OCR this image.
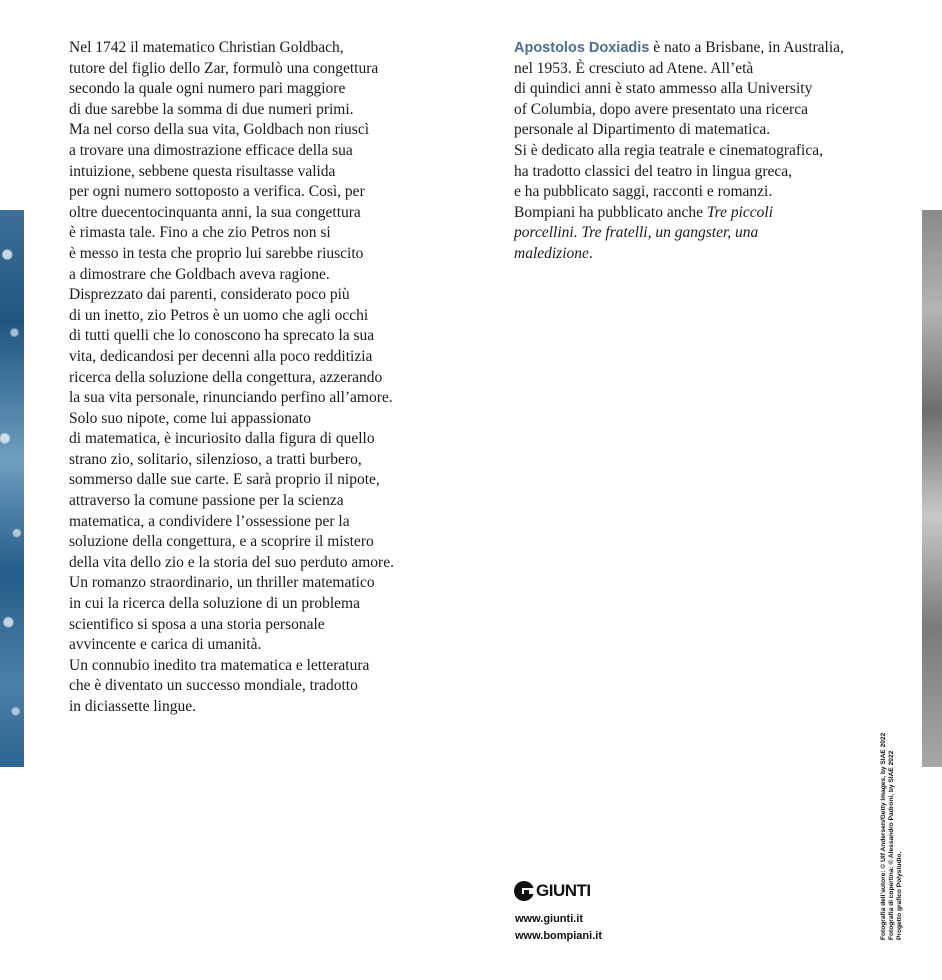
Nel 1742 il matematico Christian Goldbach,
tutore del figlio dello Zar, formulò una congettura
secondo la quale ogni numero pari maggiore
di due sarebbe la somma di due numeri primi.
Ma nel corso della sua vita, Goldbach non riuscì
a trovare una dimostrazione efficace della sua
intuizione, sebbene questa risultasse valida
per ogni numero sottoposto a verifica. Così, per
oltre duecentocinquanta anni, la sua congettura
è rimasta tale. Fino a che zio Petros non si
è messo in testa che proprio lui sarebbe riuscito
a dimostrare che Goldbach aveva ragione.
Disprezzato dai parenti, considerato poco più
di un inetto, zio Petros è un uomo che agli occhi
di tutti quelli che lo conoscono ha sprecato la sua
vita, dedicandosi per decenni alla poco redditizia
ricerca della soluzione della congettura, azzerando
la sua vita personale, rinunciando perfino all’amore.
Solo suo nipote, come lui appassionato
di matematica, è incuriosito dalla figura di quello
strano zio, solitario, silenzioso, a tratti burbero,
sommerso dalle sue carte. E sarà proprio il nipote,
attraverso la comune passione per la scienza
matematica, a condividere l’ossessione per la
soluzione della congettura, e a scoprire il mistero
della vita dello zio e la storia del suo perduto amore.
Un romanzo straordinario, un thriller matematico
in cui la ricerca della soluzione di un problema
scientifico si sposa a una storia personale
avvincente e carica di umanità.
Un connubio inedito tra matematica e letteratura
che è diventato un successo mondiale, tradotto
in diciassette lingue.
Apostolos Doxiadis è nato a Brisbane, in Australia,
nel 1953. È cresciuto ad Atene. All’età
di quindici anni è stato ammesso alla University
of Columbia, dopo avere presentato una ricerca
personale al Dipartimento di matematica.
Si è dedicato alla regia teatrale e cinematografica,
ha tradotto classici del teatro in lingua greca,
e ha pubblicato saggi, racconti e romanzi.
Bompiani ha pubblicato anche Tre piccoli
porcellini. Tre fratelli, un gangster, una
maledizione.
GIUNTI
www.giunti.it
www.bompiani.it	Fotografia dell’autore: © Ulf Andersen/Getty Images, by SIAE 2022 Fotografia di copertina: © Alessandro Padroni, by SIAE 2022 Progetto grafico Polystudio.
